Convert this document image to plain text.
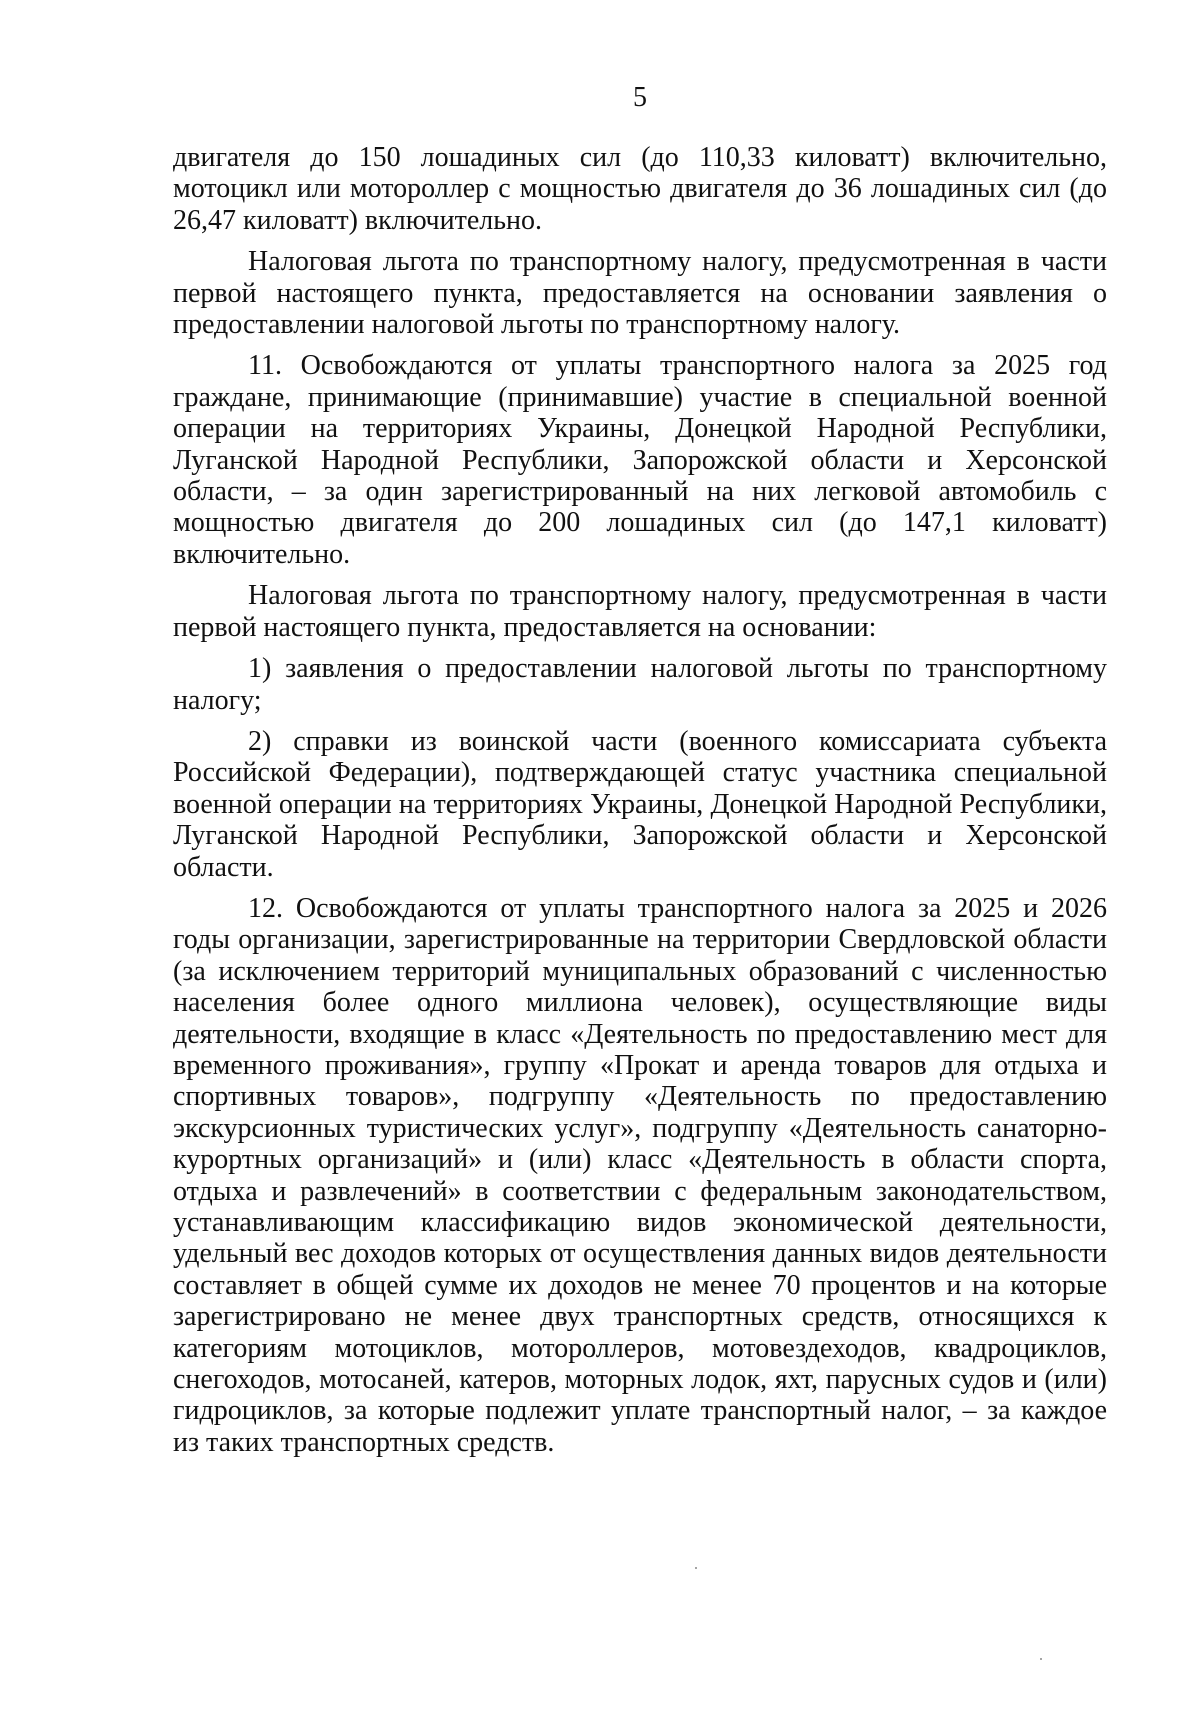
5

двигателя до 150 лошадиных сил (до 110,33 киловатт) включительно, мотоцикл или мотороллер с мощностью двигателя до 36 лошадиных сил (до 26,47 киловатт) включительно.

Налоговая льгота по транспортному налогу, предусмотренная в части первой настоящего пункта, предоставляется на основании заявления о предоставлении налоговой льготы по транспортному налогу.

11. Освобождаются от уплаты транспортного налога за 2025 год граждане, принимающие (принимавшие) участие в специальной военной операции на территориях Украины, Донецкой Народной Республики, Луганской Народной Республики, Запорожской области и Херсонской области, – за один зарегистрированный на них легковой автомобиль с мощностью двигателя до 200 лошадиных сил (до 147,1 киловатт) включительно.

Налоговая льгота по транспортному налогу, предусмотренная в части первой настоящего пункта, предоставляется на основании:

1) заявления о предоставлении налоговой льготы по транспортному налогу;

2) справки из воинской части (военного комиссариата субъекта Российской Федерации), подтверждающей статус участника специальной военной операции на территориях Украины, Донецкой Народной Республики, Луганской Народной Республики, Запорожской области и Херсонской области.

12. Освобождаются от уплаты транспортного налога за 2025 и 2026 годы организации, зарегистрированные на территории Свердловской области (за исключением территорий муниципальных образований с численностью населения более одного миллиона человек), осуществляющие виды деятельности, входящие в класс «Деятельность по предоставлению мест для временного проживания», группу «Прокат и аренда товаров для отдыха и спортивных товаров», подгруппу «Деятельность по предоставлению экскурсионных туристических услуг», подгруппу «Деятельность санаторно-курортных организаций» и (или) класс «Деятельность в области спорта, отдыха и развлечений» в соответствии с федеральным законодательством, устанавливающим классификацию видов экономической деятельности, удельный вес доходов которых от осуществления данных видов деятельности составляет в общей сумме их доходов не менее 70 процентов и на которые зарегистрировано не менее двух транспортных средств, относящихся к категориям мотоциклов, мотороллеров, мотовездеходов, квадроциклов, снегоходов, мотосаней, катеров, моторных лодок, яхт, парусных судов и (или) гидроциклов, за которые подлежит уплате транспортный налог, – за каждое из таких транспортных средств.
